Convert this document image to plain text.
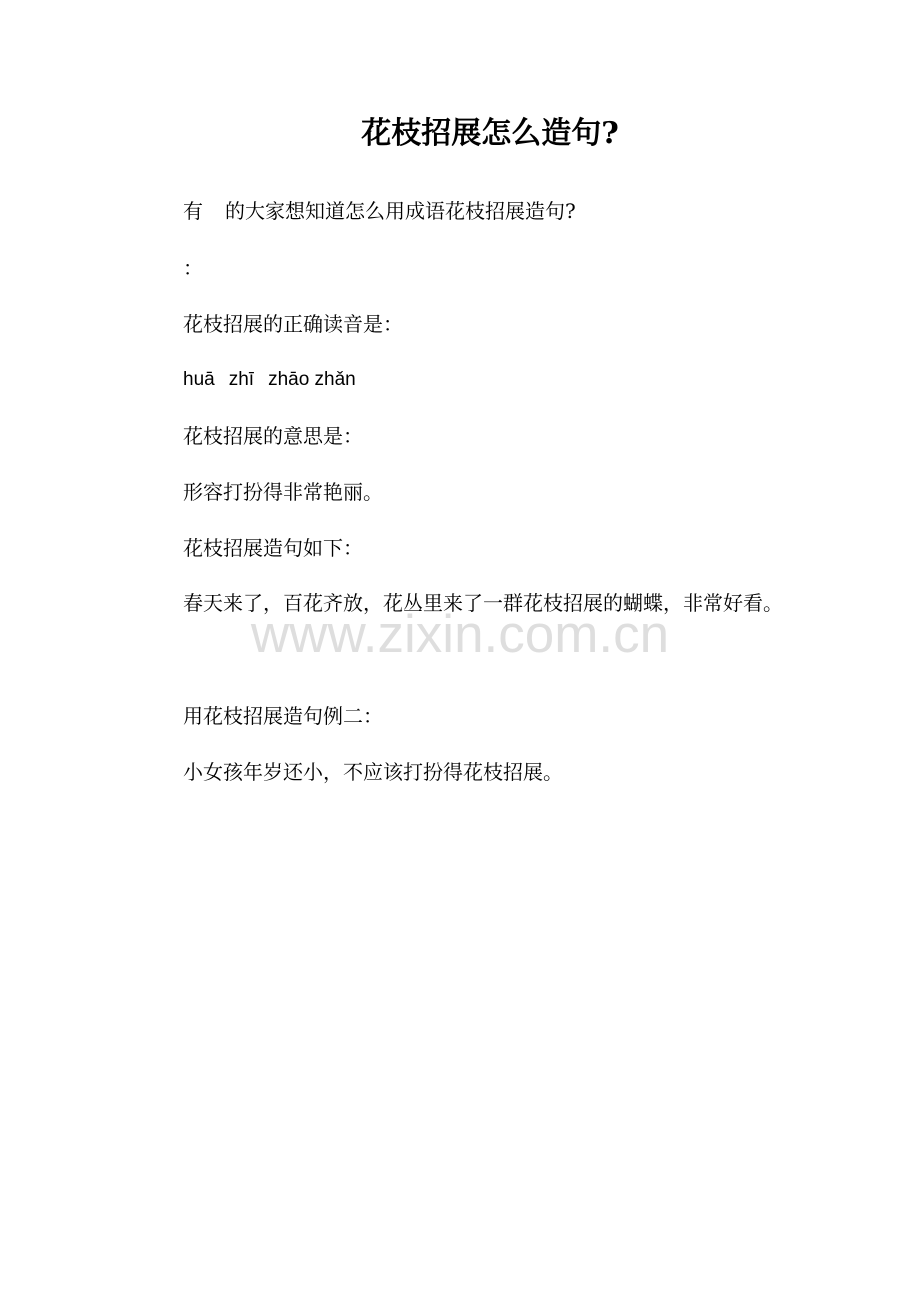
花枝招展怎么造句?
有 的大家想知道怎么用成语花枝招展造句?
：
花枝招展的正确读音是：
huā zhī zhāo zhǎn
花枝招展的意思是：
形容打扮得非常艳丽。
花枝招展造句如下：
春天来了，百花齐放，花丛里来了一群花枝招展的蝴蝶，非常好看。
用花枝招展造句例二：
小女孩年岁还小，不应该打扮得花枝招展。
www.zixin.com.cn
